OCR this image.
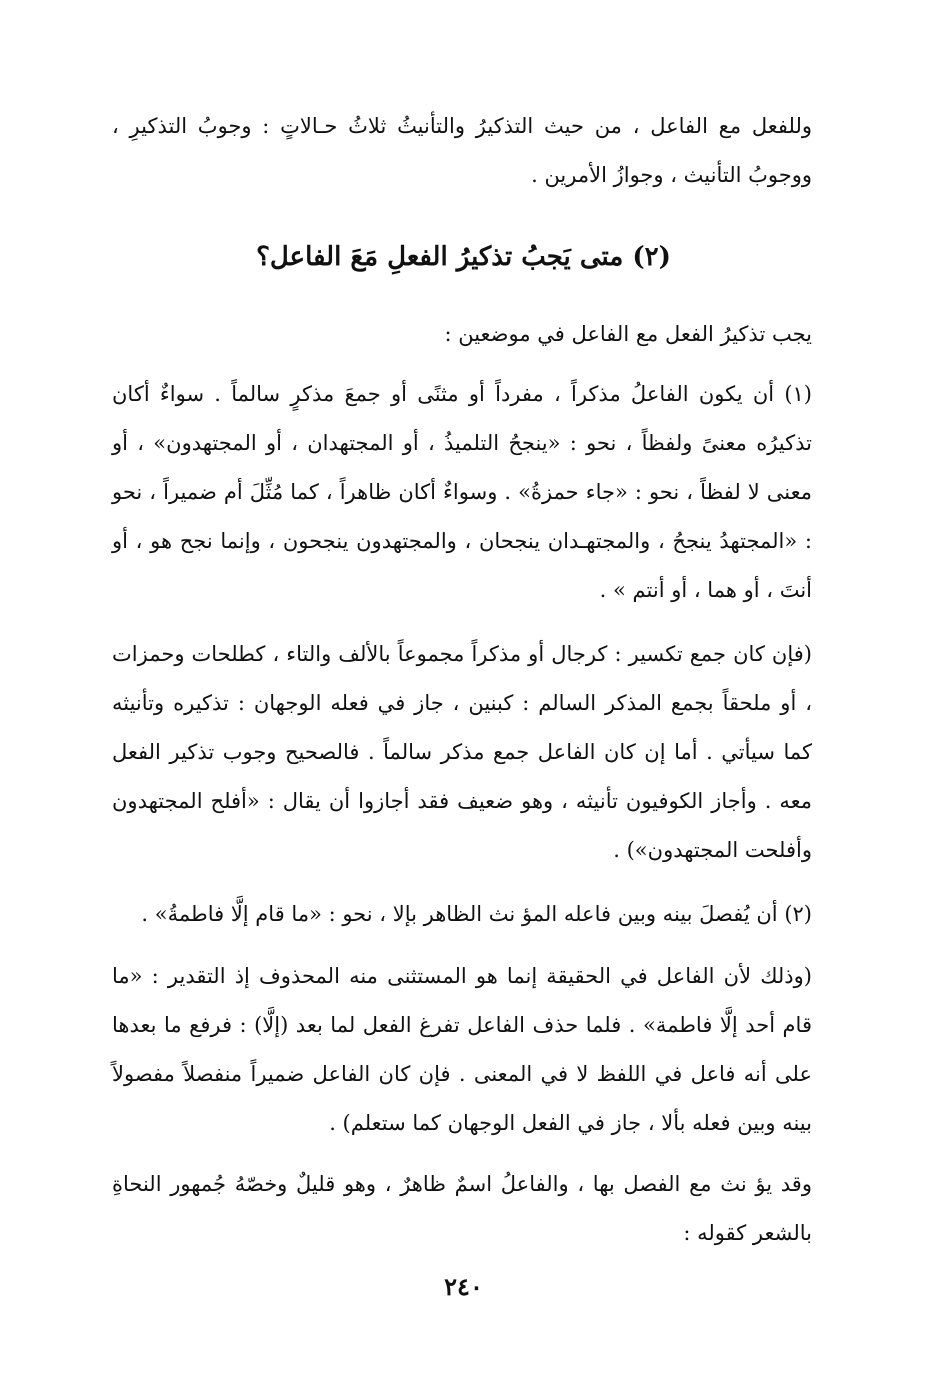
وللفعل مع الفاعل ، من حيث التذكيرُ والتأنيثُ ثلاثُ حـالاتٍ : وجوبُ التذكيرِ ، ووجوبُ التأنيث ، وجوازُ الأمرين .

(٢) متى يَجبُ تذكيرُ الفعلِ مَعَ الفاعل؟

يجب تذكيرُ الفعل مع الفاعل في موضعين :

(١) أن يكون الفاعلُ مذكراً ، مفرداً أو مثنًى أو جمعَ مذكرٍ سالماً . سواءٌ أكان تذكيرُه معنىً ولفظاً ، نحو : «ينجحُ التلميذُ ، أو المجتهدان ، أو المجتهدون» ، أو معنى لا لفظاً ، نحو : «جاء حمزةُ» . وسواءٌ أكان ظاهراً ، كما مُثِّلَ أم ضميراً ، نحو : «المجتهدُ ينجحُ ، والمجتهـدان ينجحان ، والمجتهدون ينجحون ، وإنما نجح هو ، أو أنتَ ، أو هما ، أو أنتم » .

(فإن كان جمع تكسير : كرجال أو مذكراً مجموعاً بالألف والتاء ، كطلحات وحمزات ، أو ملحقاً بجمع المذكر السالم : كبنين ، جاز في فعله الوجهان : تذكيره وتأنيثه كما سيأتي . أما إن كان الفاعل جمع مذكر سالماً . فالصحيح وجوب تذكير الفعل معه . وأجاز الكوفيون تأنيثه ، وهو ضعيف فقد أجازوا أن يقال : «أفلح المجتهدون وأفلحت المجتهدون») .

(٢) أن يُفصلَ بينه وبين فاعله المؤ نث الظاهر بإلا ، نحو : «ما قام إلَّا فاطمةُ» .

(وذلك لأن الفاعل في الحقيقة إنما هو المستثنى منه المحذوف إذ التقدير : «ما قام أحد إلَّا فاطمة» . فلما حذف الفاعل تفرغ الفعل لما بعد (إلَّا) : فرفع ما بعدها على أنه فاعل في اللفظ لا في المعنى . فإن كان الفاعل ضميراً منفصلاً مفصولاً بينه وبين فعله بألا ، جاز في الفعل الوجهان كما ستعلم) .

وقد يؤ نث مع الفصل بها ، والفاعلُ اسمٌ ظاهرٌ ، وهو قليلٌ وخصّهُ جُمهور النحاةِ بالشعر كقوله :

٢٤٠
